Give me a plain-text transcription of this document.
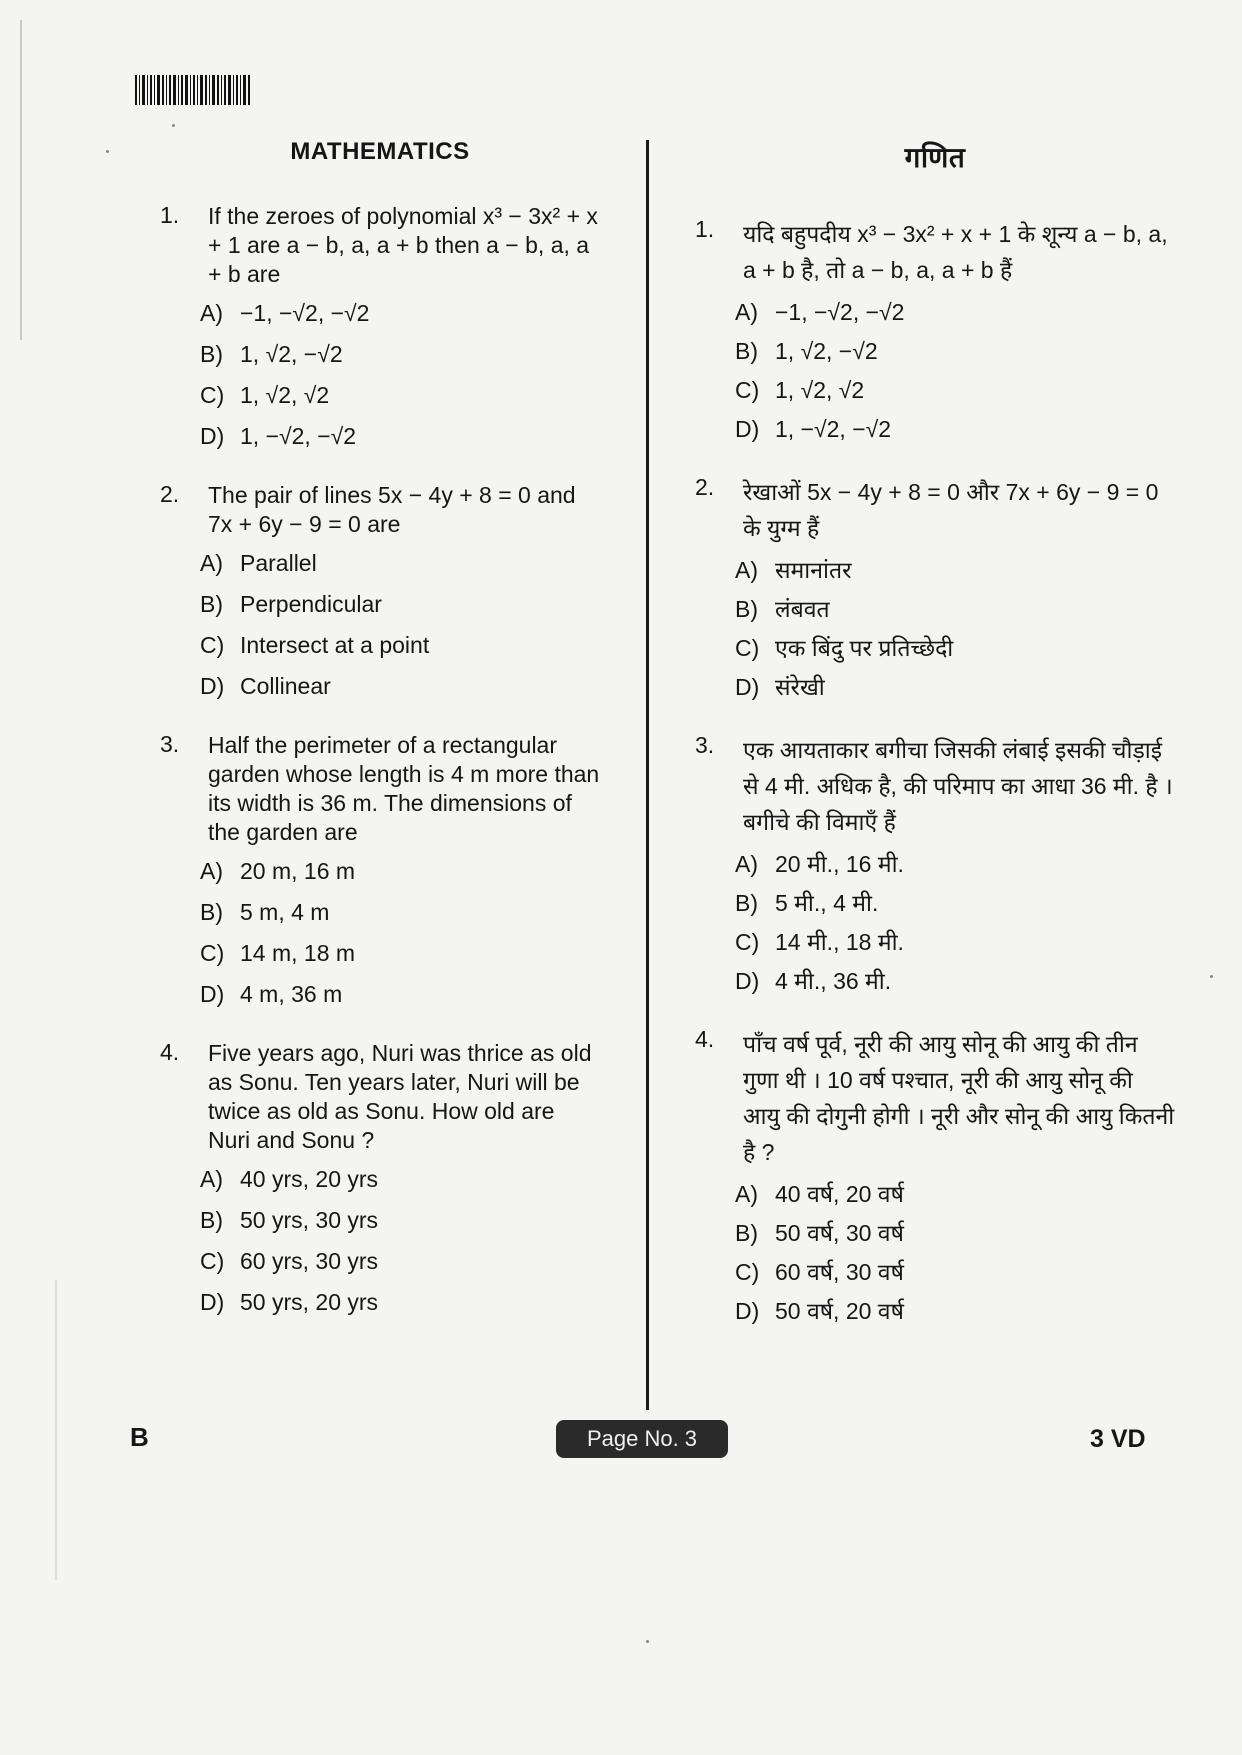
MATHEMATICS
1. If the zeroes of polynomial x³ − 3x² + x + 1 are a − b, a, a + b then a − b, a, a + b are
A) −1, −√2, −√2
B) 1, √2, −√2
C) 1, √2, √2
D) 1, −√2, −√2
2. The pair of lines 5x − 4y + 8 = 0 and 7x + 6y − 9 = 0 are
A) Parallel
B) Perpendicular
C) Intersect at a point
D) Collinear
3. Half the perimeter of a rectangular garden whose length is 4 m more than its width is 36 m. The dimensions of the garden are
A) 20 m, 16 m
B) 5 m, 4 m
C) 14 m, 18 m
D) 4 m, 36 m
4. Five years ago, Nuri was thrice as old as Sonu. Ten years later, Nuri will be twice as old as Sonu. How old are Nuri and Sonu ?
A) 40 yrs, 20 yrs
B) 50 yrs, 30 yrs
C) 60 yrs, 30 yrs
D) 50 yrs, 20 yrs
गणित
1. यदि बहुपदीय x³ − 3x² + x + 1 के शून्य a − b, a, a + b है, तो a − b, a, a + b हैं
A) −1, −√2, −√2
B) 1, √2, −√2
C) 1, √2, √2
D) 1, −√2, −√2
2. रेखाओं 5x − 4y + 8 = 0 और 7x + 6y − 9 = 0 के युग्म हैं
A) समानांतर
B) लंबवत
C) एक बिंदु पर प्रतिच्छेदी
D) संरेखी
3. एक आयताकार बगीचा जिसकी लंबाई इसकी चौड़ाई से 4 मी. अधिक है, की परिमाप का आधा 36 मी. है । बगीचे की विमाएँ हैं
A) 20 मी., 16 मी.
B) 5 मी., 4 मी.
C) 14 मी., 18 मी.
D) 4 मी., 36 मी.
4. पाँच वर्ष पूर्व, नूरी की आयु सोनू की आयु की तीन गुणा थी । 10 वर्ष पश्चात, नूरी की आयु सोनू की आयु की दोगुनी होगी । नूरी और सोनू की आयु कितनी है ?
A) 40 वर्ष, 20 वर्ष
B) 50 वर्ष, 30 वर्ष
C) 60 वर्ष, 30 वर्ष
D) 50 वर्ष, 20 वर्ष
B	Page No. 3	3 VD
